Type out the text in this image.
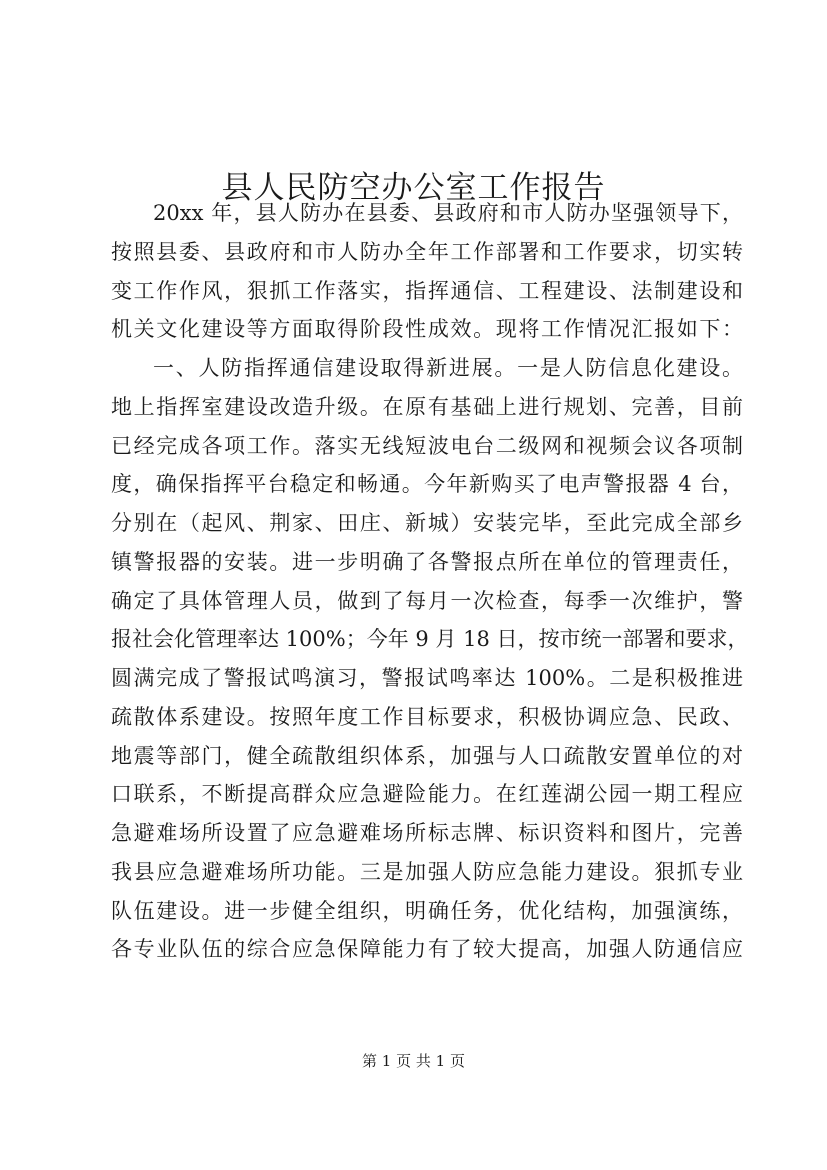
县人民防空办公室工作报告
20xx 年，县人防办在县委、县政府和市人防办坚强领导下，
按照县委、县政府和市人防办全年工作部署和工作要求，切实转
变工作作风，狠抓工作落实，指挥通信、工程建设、法制建设和
机关文化建设等方面取得阶段性成效。现将工作情况汇报如下：
一、人防指挥通信建设取得新进展。一是人防信息化建设。
地上指挥室建设改造升级。在原有基础上进行规划、完善，目前
已经完成各项工作。落实无线短波电台二级网和视频会议各项制
度，确保指挥平台稳定和畅通。今年新购买了电声警报器 4 台，
分别在（起风、荆家、田庄、新城）安装完毕，至此完成全部乡
镇警报器的安装。进一步明确了各警报点所在单位的管理责任，
确定了具体管理人员，做到了每月一次检查，每季一次维护，警
报社会化管理率达 100%；今年 9 月 18 日，按市统一部署和要求，
圆满完成了警报试鸣演习，警报试鸣率达 100%。二是积极推进
疏散体系建设。按照年度工作目标要求，积极协调应急、民政、
地震等部门，健全疏散组织体系，加强与人口疏散安置单位的对
口联系，不断提高群众应急避险能力。在红莲湖公园一期工程应
急避难场所设置了应急避难场所标志牌、标识资料和图片，完善
我县应急避难场所功能。三是加强人防应急能力建设。狠抓专业
队伍建设。进一步健全组织，明确任务，优化结构，加强演练，
各专业队伍的综合应急保障能力有了较大提高，加强人防通信应
第 1 页 共 1 页
